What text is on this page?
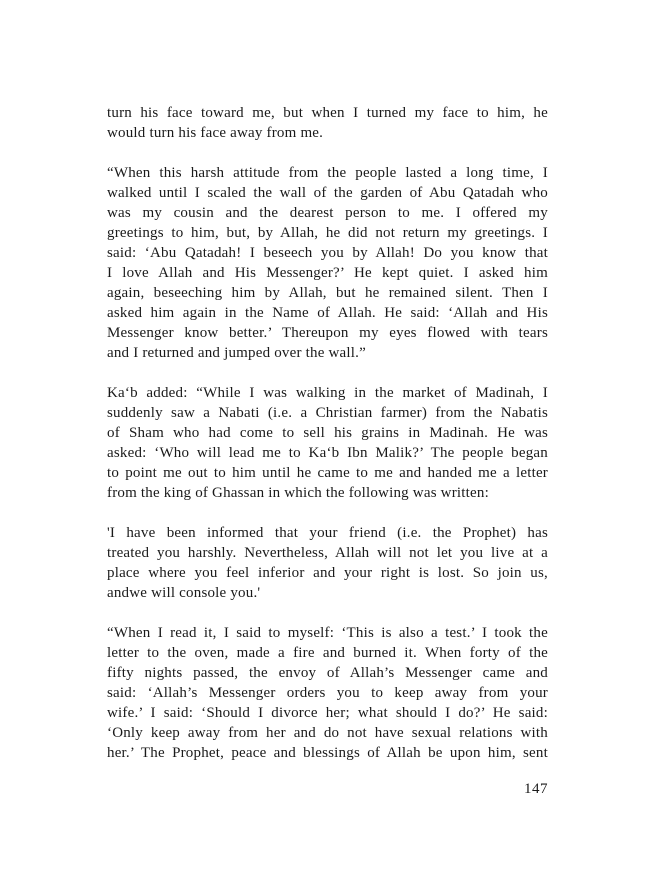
turn his face toward me, but when I turned my face to him, he
would turn his face away from me.
“When this harsh attitude from the people lasted a long time, I
walked until I scaled the wall of the garden of Abu Qatadah who
was my cousin and the dearest person to me. I offered my
greetings to him, but, by Allah, he did not return my greetings. I
said: ‘Abu Qatadah! I beseech you by Allah! Do you know that
I love Allah and His Messenger?’ He kept quiet. I asked him
again, beseeching him by Allah, but he remained silent. Then I
asked him again in the Name of Allah. He said: ‘Allah and His
Messenger know better.’ Thereupon my eyes flowed with tears
and I returned and jumped over the wall.”
Ka‘b added: “While I was walking in the market of Madinah, I
suddenly saw a Nabati (i.e. a Christian farmer) from the Nabatis
of Sham who had come to sell his grains in Madinah. He was
asked: ‘Who will lead me to Ka‘b Ibn Malik?’ The people began
to point me out to him until he came to me and handed me a letter
from the king of Ghassan in which the following was written:
'I have been informed that your friend (i.e. the Prophet) has
treated you harshly. Nevertheless, Allah will not let you live at a
place where you feel inferior and your right is lost. So join us,
andwe will console you.'
“When I read it, I said to myself: ‘This is also a test.’ I took the
letter to the oven, made a fire and burned it. When forty of the
fifty nights passed, the envoy of Allah’s Messenger came and
said: ‘Allah’s Messenger orders you to keep away from your
wife.’ I said: ‘Should I divorce her; what should I do?’ He said:
‘Only keep away from her and do not have sexual relations with
her.’ The Prophet, peace and blessings of Allah be upon him, sent
147
